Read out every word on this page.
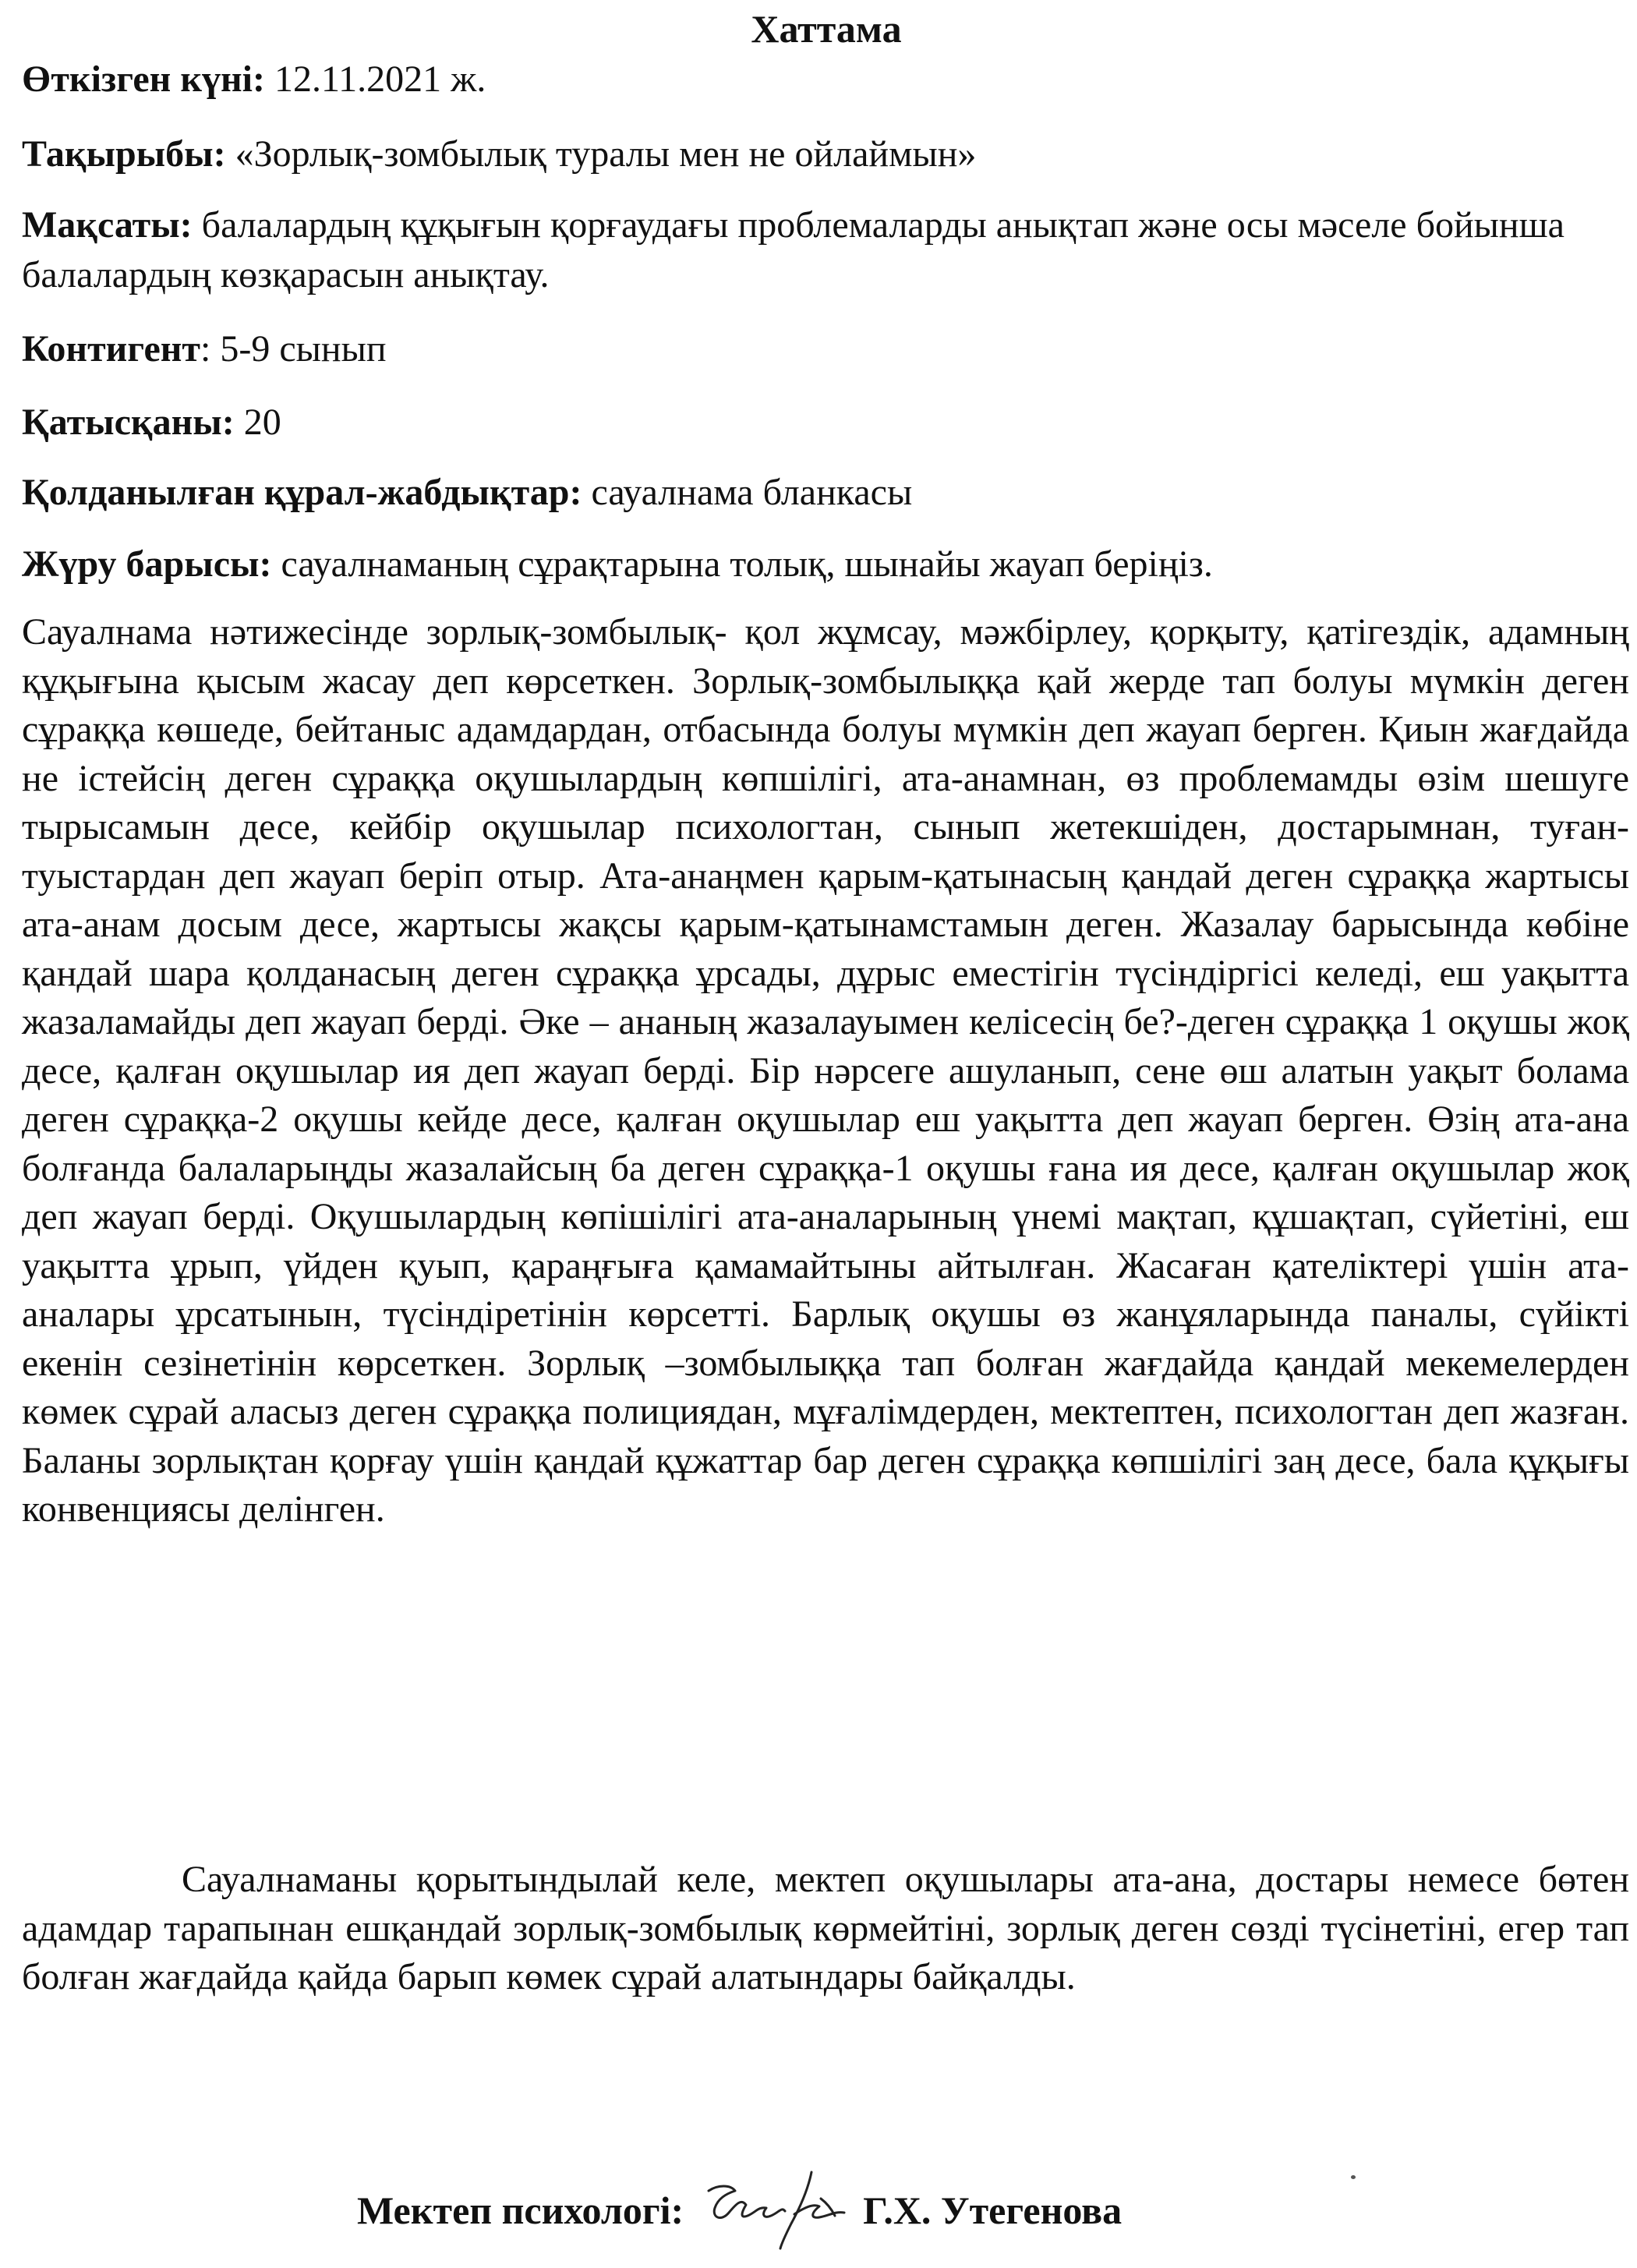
Хаттама
Өткізген күні: 12.11.2021 ж.
Тақырыбы: «Зорлық-зомбылық туралы мен не ойлаймын»
Мақсаты: балалардың құқығын қорғаудағы проблемаларды анықтап және осы мәселе бойынша балалардың көзқарасын анықтау.
Контигент: 5-9 сынып
Қатысқаны: 20
Қолданылған құрал-жабдықтар: сауалнама бланкасы
Жүру барысы: сауалнаманың сұрақтарына толық, шынайы жауап беріңіз.

Сауалнама нәтижесінде зорлық-зомбылық- қол жұмсау, мәжбірлеу, қорқыту, қатігездік, адамның құқығына қысым жасау деп көрсеткен. Зорлық-зомбылыққа қай жерде тап болуы мүмкін деген сұраққа көшеде, бейтаныс адамдардан, отбасында болуы мүмкін деп жауап берген. Қиын жағдайда не істейсің деген сұраққа оқушылардың көпшілігі, ата-анамнан, өз проблемамды өзім шешуге тырысамын десе, кейбір оқушылар психологтан, сынып жетекшіден, достарымнан, туған-туыстардан деп жауап беріп отыр. Ата-анаңмен қарым-қатынасың қандай деген сұраққа жартысы ата-анам досым десе, жартысы жақсы қарым-қатынамстамын деген. Жазалау барысында көбіне қандай шара қолданасың деген сұраққа ұрсады, дұрыс еместігін түсіндіргісі келеді, еш уақытта жазаламайды деп жауап берді. Әке – ананың жазалауымен келісесің бе?-деген сұраққа 1 оқушы жоқ десе, қалған оқушылар ия деп жауап берді. Бір нәрсеге ашуланып, сене өш алатын уақыт болама деген сұраққа-2 оқушы кейде десе, қалған оқушылар еш уақытта деп жауап берген. Өзің ата-ана болғанда балаларыңды жазалайсың ба деген сұраққа-1 оқушы ғана ия десе, қалған оқушылар жоқ деп жауап берді. Оқушылардың көпішілігі ата-аналарының үнемі мақтап, құшақтап, сүйетіні, еш уақытта ұрып, үйден қуып, қараңғыға қамамайтыны айтылған. Жасаған қателіктері үшін ата-аналары ұрсатынын, түсіндіретінін көрсетті. Барлық оқушы өз жанұяларында паналы, сүйікті екенін сезінетінін көрсеткен. Зорлық –зомбылыққа тап болған жағдайда қандай мекемелерден көмек сұрай аласыз деген сұраққа полициядан, мұғалімдерден, мектептен, психологтан деп жазған. Баланы зорлықтан қорғау үшін қандай құжаттар бар деген сұраққа көпшілігі заң десе, бала құқығы конвенциясы делінген.

Сауалнаманы қорытындылай келе, мектеп оқушылары ата-ана, достары немесе бөтен адамдар тарапынан ешқандай зорлық-зомбылық көрмейтіні, зорлық деген сөзді түсінетіні, егер тап болған жағдайда қайда барып көмек сұрай алатындары байқалды.

Мектеп психологі:	Г.Х. Утегенова
